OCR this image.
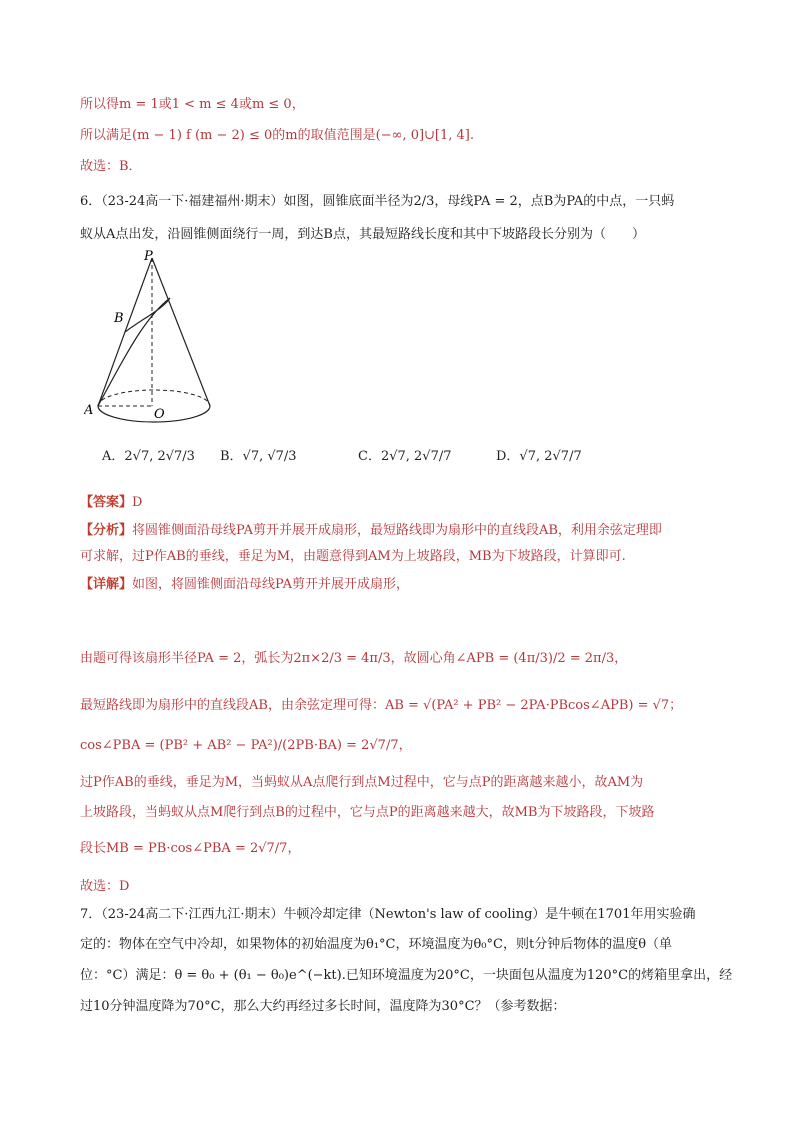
所以得m = 1或1 < m ≤ 4或m ≤ 0，
所以满足(m − 1) f (m − 2) ≤ 0的m的取值范围是(−∞, 0]∪[1, 4].
故选：B．
6．（23-24高一下·福建福州·期末）如图，圆锥底面半径为2/3，母线PA = 2，点B为PA的中点，一只蚂
蚁从A点出发，沿圆锥侧面绕行一周，到达B点，其最短路线长度和其中下坡路段长分别为（　　）
P
B
A	O
A．2√7, 2√7/3 B．√7, √7/3	C．2√7, 2√7/7	D．√7, 2√7/7
【答案】D
【分析】将圆锥侧面沿母线PA剪开并展开成扇形，最短路线即为扇形中的直线段AB，利用余弦定理即
可求解，过P作AB的垂线，垂足为M，由题意得到AM为上坡路段，MB为下坡路段，计算即可.
【详解】如图，将圆锥侧面沿母线PA剪开并展开成扇形，
由题可得该扇形半径PA = 2，弧长为2π×2/3 = 4π/3，故圆心角∠APB = (4π/3)/2 = 2π/3，
最短路线即为扇形中的直线段AB，由余弦定理可得：AB = √(PA² + PB² − 2PA·PBcos∠APB) = √7；
cos∠PBA = (PB² + AB² − PA²)/(2PB·BA) = 2√7/7，
过P作AB的垂线，垂足为M，当蚂蚁从A点爬行到点M过程中，它与点P的距离越来越小，故AM为
上坡路段，当蚂蚁从点M爬行到点B的过程中，它与点P的距离越来越大，故MB为下坡路段，下坡路
段长MB = PB·cos∠PBA = 2√7/7，
故选：D
7．（23-24高二下·江西九江·期末）牛顿冷却定律（Newton's law of cooling）是牛顿在1701年用实验确
定的：物体在空气中冷却，如果物体的初始温度为θ₁°C，环境温度为θ₀°C，则t分钟后物体的温度θ（单
位：°C）满足：θ = θ₀ + (θ₁ − θ₀)e^(−kt).已知环境温度为20°C，一块面包从温度为120°C的烤箱里拿出，经
过10分钟温度降为70°C，那么大约再经过多长时间，温度降为30°C？（参考数据：
